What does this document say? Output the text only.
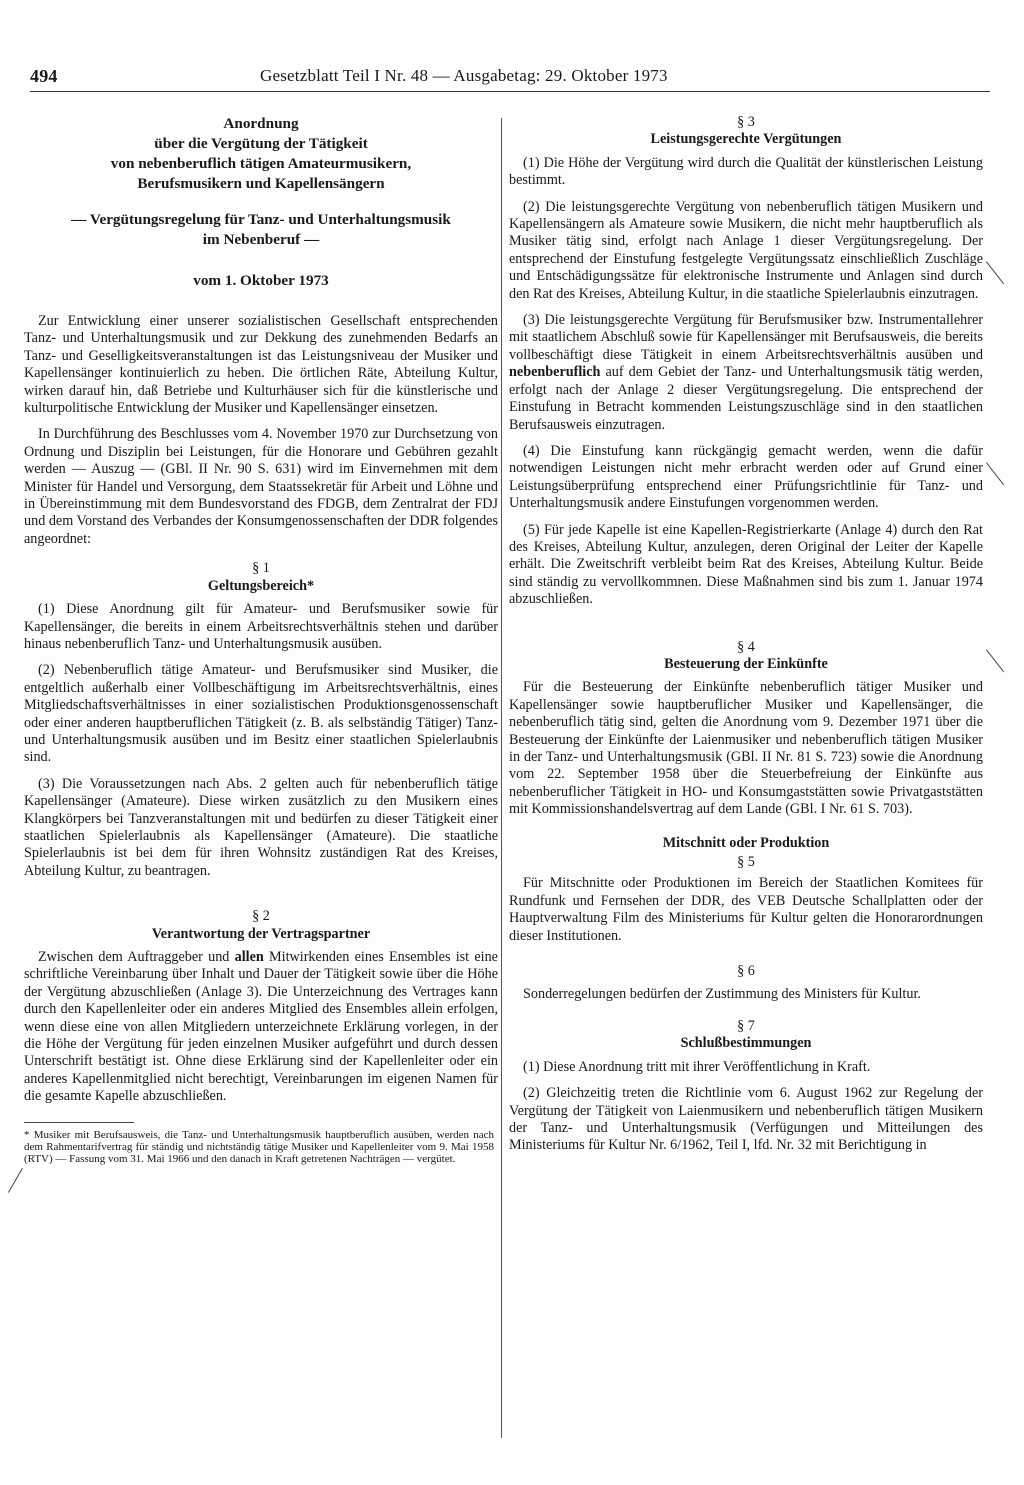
494	Gesetzblatt Teil I Nr. 48 — Ausgabetag: 29. Oktober 1973
Anordnung
über die Vergütung der Tätigkeit
von nebenberuflich tätigen Amateurmusikern,
Berufsmusikern und Kapellensängern
— Vergütungsregelung für Tanz- und Unterhaltungsmusik
im Nebenberuf —
vom 1. Oktober 1973

Zur Entwicklung einer unserer sozialistischen Gesellschaft entsprechenden Tanz- und Unterhaltungsmusik und zur Dekkung des zunehmenden Bedarfs an Tanz- und Geselligkeitsveranstaltungen ist das Leistungsniveau der Musiker und Kapellensänger kontinuierlich zu heben. Die örtlichen Räte, Abteilung Kultur, wirken darauf hin, daß Betriebe und Kulturhäuser sich für die künstlerische und kulturpolitische Entwicklung der Musiker und Kapellensänger einsetzen.

In Durchführung des Beschlusses vom 4. November 1970 zur Durchsetzung von Ordnung und Disziplin bei Leistungen, für die Honorare und Gebühren gezahlt werden — Auszug — (GBl. II Nr. 90 S. 631) wird im Einvernehmen mit dem Minister für Handel und Versorgung, dem Staatssekretär für Arbeit und Löhne und in Übereinstimmung mit dem Bundesvorstand des FDGB, dem Zentralrat der FDJ und dem Vorstand des Verbandes der Konsumgenossenschaften der DDR folgendes angeordnet:

§ 1
Geltungsbereich*

(1) Diese Anordnung gilt für Amateur- und Berufsmusiker sowie für Kapellensänger, die bereits in einem Arbeitsrechtsverhältnis stehen und darüber hinaus nebenberuflich Tanz- und Unterhaltungsmusik ausüben.

(2) Nebenberuflich tätige Amateur- und Berufsmusiker sind Musiker, die entgeltlich außerhalb einer Vollbeschäftigung im Arbeitsrechtsverhältnis, eines Mitgliedschaftsverhältnisses in einer sozialistischen Produktionsgenossenschaft oder einer anderen hauptberuflichen Tätigkeit (z. B. als selbständig Tätiger) Tanz- und Unterhaltungsmusik ausüben und im Besitz einer staatlichen Spielerlaubnis sind.

(3) Die Voraussetzungen nach Abs. 2 gelten auch für nebenberuflich tätige Kapellensänger (Amateure). Diese wirken zusätzlich zu den Musikern eines Klangkörpers bei Tanzveranstaltungen mit und bedürfen zu dieser Tätigkeit einer staatlichen Spielerlaubnis als Kapellensänger (Amateure). Die staatliche Spielerlaubnis ist bei dem für ihren Wohnsitz zuständigen Rat des Kreises, Abteilung Kultur, zu beantragen.

§ 2
Verantwortung der Vertragspartner

Zwischen dem Auftraggeber und allen Mitwirkenden eines Ensembles ist eine schriftliche Vereinbarung über Inhalt und Dauer der Tätigkeit sowie über die Höhe der Vergütung abzuschließen (Anlage 3). Die Unterzeichnung des Vertrages kann durch den Kapellenleiter oder ein anderes Mitglied des Ensembles allein erfolgen, wenn diese eine von allen Mitgliedern unterzeichnete Erklärung vorlegen, in der die Höhe der Vergütung für jeden einzelnen Musiker aufgeführt und durch dessen Unterschrift bestätigt ist. Ohne diese Erklärung sind der Kapellenleiter oder ein anderes Kapellenmitglied nicht berechtigt, Vereinbarungen im eigenen Namen für die gesamte Kapelle abzuschließen.

* Musiker mit Berufsausweis, die Tanz- und Unterhaltungsmusik hauptberuflich ausüben, werden nach dem Rahmentarifvertrag für ständig und nichtständig tätige Musiker und Kapellenleiter vom 9. Mai 1958 (RTV) — Fassung vom 31. Mai 1966 und den danach in Kraft getretenen Nachträgen — vergütet.
§ 3
Leistungsgerechte Vergütungen

(1) Die Höhe der Vergütung wird durch die Qualität der künstlerischen Leistung bestimmt.

(2) Die leistungsgerechte Vergütung von nebenberuflich tätigen Musikern und Kapellensängern als Amateure sowie Musikern, die nicht mehr hauptberuflich als Musiker tätig sind, erfolgt nach Anlage 1 dieser Vergütungsregelung. Der entsprechend der Einstufung festgelegte Vergütungssatz einschließlich Zuschläge und Entschädigungssätze für elektronische Instrumente und Anlagen sind durch den Rat des Kreises, Abteilung Kultur, in die staatliche Spielerlaubnis einzutragen.

(3) Die leistungsgerechte Vergütung für Berufsmusiker bzw. Instrumentallehrer mit staatlichem Abschluß sowie für Kapellensänger mit Berufsausweis, die bereits vollbeschäftigt diese Tätigkeit in einem Arbeitsrechtsverhältnis ausüben und nebenberuflich auf dem Gebiet der Tanz- und Unterhaltungsmusik tätig werden, erfolgt nach der Anlage 2 dieser Vergütungsregelung. Die entsprechend der Einstufung in Betracht kommenden Leistungszuschläge sind in den staatlichen Berufsausweis einzutragen.

(4) Die Einstufung kann rückgängig gemacht werden, wenn die dafür notwendigen Leistungen nicht mehr erbracht werden oder auf Grund einer Leistungsüberprüfung entsprechend einer Prüfungsrichtlinie für Tanz- und Unterhaltungsmusik andere Einstufungen vorgenommen werden.

(5) Für jede Kapelle ist eine Kapellen-Registrierkarte (Anlage 4) durch den Rat des Kreises, Abteilung Kultur, anzulegen, deren Original der Leiter der Kapelle erhält. Die Zweitschrift verbleibt beim Rat des Kreises, Abteilung Kultur. Beide sind ständig zu vervollkommnen. Diese Maßnahmen sind bis zum 1. Januar 1974 abzuschließen.

§ 4
Besteuerung der Einkünfte

Für die Besteuerung der Einkünfte nebenberuflich tätiger Musiker und Kapellensänger sowie hauptberuflicher Musiker und Kapellensänger, die nebenberuflich tätig sind, gelten die Anordnung vom 9. Dezember 1971 über die Besteuerung der Einkünfte der Laienmusiker und nebenberuflich tätigen Musiker in der Tanz- und Unterhaltungsmusik (GBl. II Nr. 81 S. 723) sowie die Anordnung vom 22. September 1958 über die Steuerbefreiung der Einkünfte aus nebenberuflicher Tätigkeit in HO- und Konsumgaststätten sowie Privatgaststätten mit Kommissionshandelsvertrag auf dem Lande (GBl. I Nr. 61 S. 703).

Mitschnitt oder Produktion
§ 5

Für Mitschnitte oder Produktionen im Bereich der Staatlichen Komitees für Rundfunk und Fernsehen der DDR, des VEB Deutsche Schallplatten oder der Hauptverwaltung Film des Ministeriums für Kultur gelten die Honorarordnungen dieser Institutionen.

§ 6

Sonderregelungen bedürfen der Zustimmung des Ministers für Kultur.

§ 7
Schlußbestimmungen

(1) Diese Anordnung tritt mit ihrer Veröffentlichung in Kraft.

(2) Gleichzeitig treten die Richtlinie vom 6. August 1962 zur Regelung der Vergütung der Tätigkeit von Laienmusikern und nebenberuflich tätigen Musikern der Tanz- und Unterhaltungsmusik (Verfügungen und Mitteilungen des Ministeriums für Kultur Nr. 6/1962, Teil I, lfd. Nr. 32 mit Berichtigung in
